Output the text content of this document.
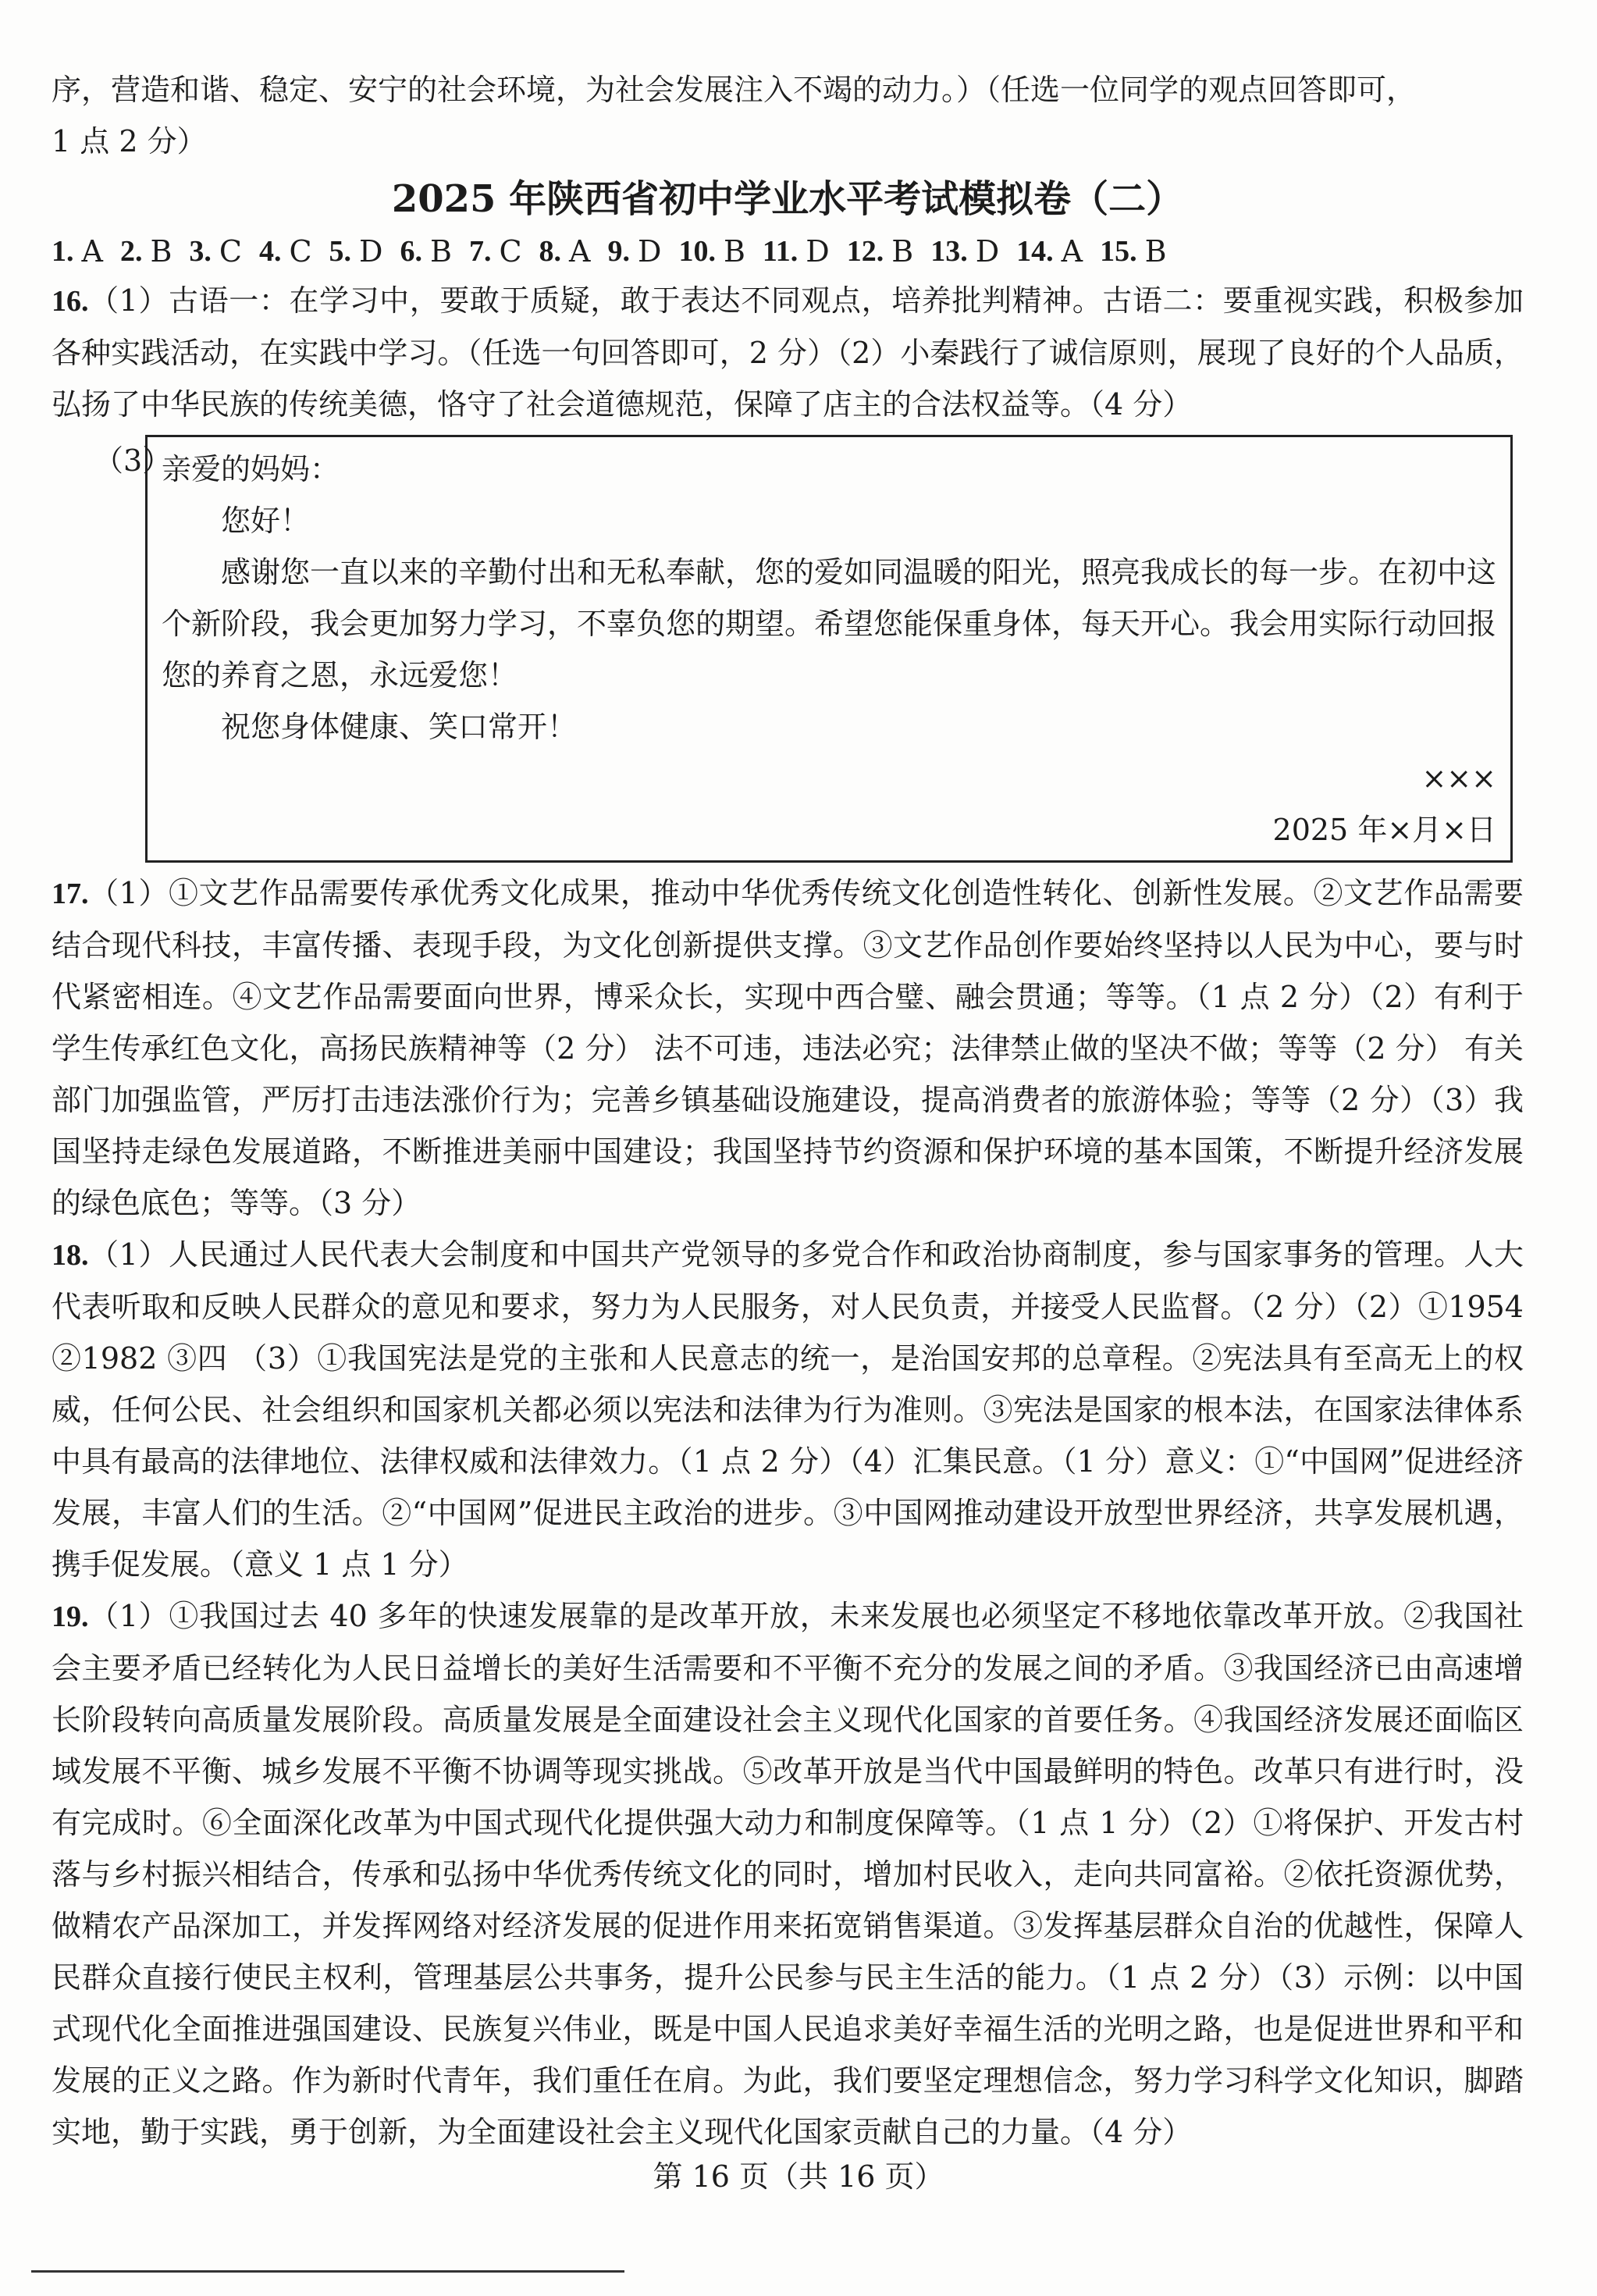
序，营造和谐、稳定、安宁的社会环境，为社会发展注入不竭的动力。）（任选一位同学的观点回答即可，

1 点 2 分）

2025 年陕西省初中学业水平考试模拟卷（二）
1. A 2. B 3. C 4. C 5. D 6. B 7. C 8. A 9. D 10. B 11. D 12. B 13. D 14. A 15. B

16.（1）古语一：在学习中，要敢于质疑，敢于表达不同观点，培养批判精神。古语二：要重视实践，积极参加各种实践活动，在实践中学习。（任选一句回答即可，2 分）（2）小秦践行了诚信原则，展现了良好的个人品质，弘扬了中华民族的传统美德，恪守了社会道德规范，保障了店主的合法权益等。（4 分）

（3）

亲爱的妈妈：

您好！

感谢您一直以来的辛勤付出和无私奉献，您的爱如同温暖的阳光，照亮我成长的每一步。在初中这个新阶段，我会更加努力学习，不辜负您的期望。希望您能保重身体，每天开心。我会用实际行动回报您的养育之恩，永远爱您！

祝您身体健康、笑口常开！

×××

2025 年×月×日

17.（1）①文艺作品需要传承优秀文化成果，推动中华优秀传统文化创造性转化、创新性发展。②文艺作品需要结合现代科技，丰富传播、表现手段，为文化创新提供支撑。③文艺作品创作要始终坚持以人民为中心，要与时代紧密相连。④文艺作品需要面向世界，博采众长，实现中西合璧、融会贯通；等等。（1 点 2 分）（2）有利于学生传承红色文化，高扬民族精神等（2 分） 法不可违，违法必究；法律禁止做的坚决不做；等等（2 分） 有关部门加强监管，严厉打击违法涨价行为；完善乡镇基础设施建设，提高消费者的旅游体验；等等（2 分）（3）我国坚持走绿色发展道路，不断推进美丽中国建设；我国坚持节约资源和保护环境的基本国策，不断提升经济发展的绿色底色；等等。（3 分）

18.（1）人民通过人民代表大会制度和中国共产党领导的多党合作和政治协商制度，参与国家事务的管理。人大代表听取和反映人民群众的意见和要求，努力为人民服务，对人民负责，并接受人民监督。（2 分）（2）①1954 ②1982 ③四 （3）①我国宪法是党的主张和人民意志的统一，是治国安邦的总章程。②宪法具有至高无上的权威，任何公民、社会组织和国家机关都必须以宪法和法律为行为准则。③宪法是国家的根本法，在国家法律体系中具有最高的法律地位、法律权威和法律效力。（1 点 2 分）（4）汇集民意。（1 分）意义：①“中国网”促进经济发展，丰富人们的生活。②“中国网”促进民主政治的进步。③中国网推动建设开放型世界经济，共享发展机遇，携手促发展。（意义 1 点 1 分）

19.（1）①我国过去 40 多年的快速发展靠的是改革开放，未来发展也必须坚定不移地依靠改革开放。②我国社会主要矛盾已经转化为人民日益增长的美好生活需要和不平衡不充分的发展之间的矛盾。③我国经济已由高速增长阶段转向高质量发展阶段。高质量发展是全面建设社会主义现代化国家的首要任务。④我国经济发展还面临区域发展不平衡、城乡发展不平衡不协调等现实挑战。⑤改革开放是当代中国最鲜明的特色。改革只有进行时，没有完成时。⑥全面深化改革为中国式现代化提供强大动力和制度保障等。（1 点 1 分）（2）①将保护、开发古村落与乡村振兴相结合，传承和弘扬中华优秀传统文化的同时，增加村民收入，走向共同富裕。②依托资源优势，做精农产品深加工，并发挥网络对经济发展的促进作用来拓宽销售渠道。③发挥基层群众自治的优越性，保障人民群众直接行使民主权利，管理基层公共事务，提升公民参与民主生活的能力。（1 点 2 分）（3）示例：以中国式现代化全面推进强国建设、民族复兴伟业，既是中国人民追求美好幸福生活的光明之路，也是促进世界和平和发展的正义之路。作为新时代青年，我们重任在肩。为此，我们要坚定理想信念，努力学习科学文化知识，脚踏实地，勤于实践，勇于创新，为全面建设社会主义现代化国家贡献自己的力量。（4 分）

第 16 页（共 16 页）
